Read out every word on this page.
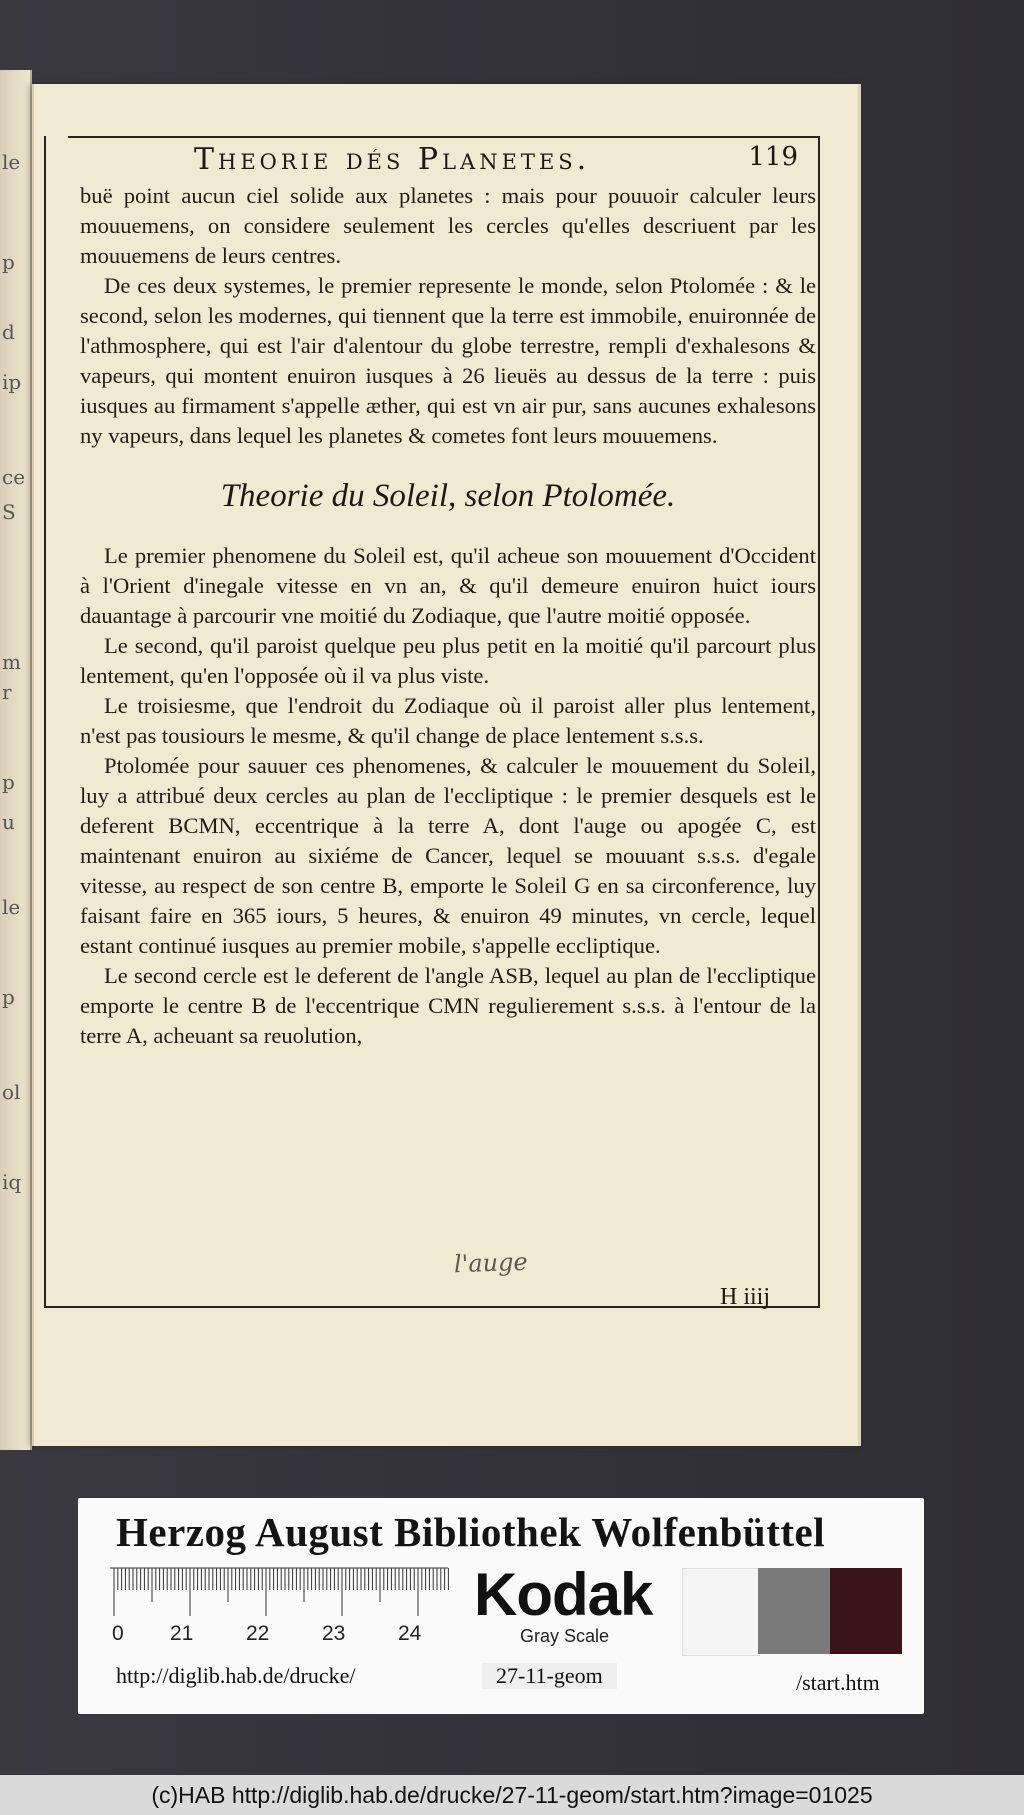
le
p
d
ip
ce
S
m
r
p
u
le
p
ol
iq
Theorie dés Planetes.	119

buë point aucun ciel solide aux planetes : mais pour pouuoir calculer leurs mouuemens, on considere seulement les cercles qu'elles descriuent par les mouuemens de leurs centres.

De ces deux systemes, le premier represente le monde, selon Ptolomée : & le second, selon les modernes, qui tiennent que la terre est immobile, enuironnée de l'athmosphere, qui est l'air d'alentour du globe terrestre, rempli d'exhalesons & vapeurs, qui montent enuiron iusques à 26 lieuës au dessus de la terre : puis iusques au firmament s'appelle æther, qui est vn air pur, sans aucunes exhalesons ny vapeurs, dans lequel les planetes & cometes font leurs mouuemens.

Theorie du Soleil, selon Ptolomée.

Le premier phenomene du Soleil est, qu'il acheue son mouuement d'Occident à l'Orient d'inegale vitesse en vn an, & qu'il demeure enuiron huict iours dauantage à parcourir vne moitié du Zodiaque, que l'autre moitié opposée.

Le second, qu'il paroist quelque peu plus petit en la moitié qu'il parcourt plus lentement, qu'en l'opposée où il va plus viste.

Le troisiesme, que l'endroit du Zodiaque où il paroist aller plus lentement, n'est pas tousiours le mesme, & qu'il change de place lentement s.s.s.

Ptolomée pour sauuer ces phenomenes, & calculer le mouuement du Soleil, luy a attribué deux cercles au plan de l'eccliptique : le premier desquels est le deferent BCMN, eccentrique à la terre A, dont l'auge ou apogée C, est maintenant enuiron au sixiéme de Cancer, lequel se mouuant s.s.s. d'egale vitesse, au respect de son centre B, emporte le Soleil G en sa circonference, luy faisant faire en 365 iours, 5 heures, & enuiron 49 minutes, vn cercle, lequel estant continué iusques au premier mobile, s'appelle eccliptique.

Le second cercle est le deferent de l'angle ASB, lequel au plan de l'eccliptique emporte le centre B de l'eccentrique CMN regulierement s.s.s. à l'entour de la terre A, acheuant sa reuolution,

l'auge
H iiij
Herzog August Bibliothek Wolfenbüttel
0 21	22	23	24
Kodak
Gray Scale
http://diglib.hab.de/drucke/	27-11-geom	/start.htm
(c)HAB http://diglib.hab.de/drucke/27-11-geom/start.htm?image=01025
